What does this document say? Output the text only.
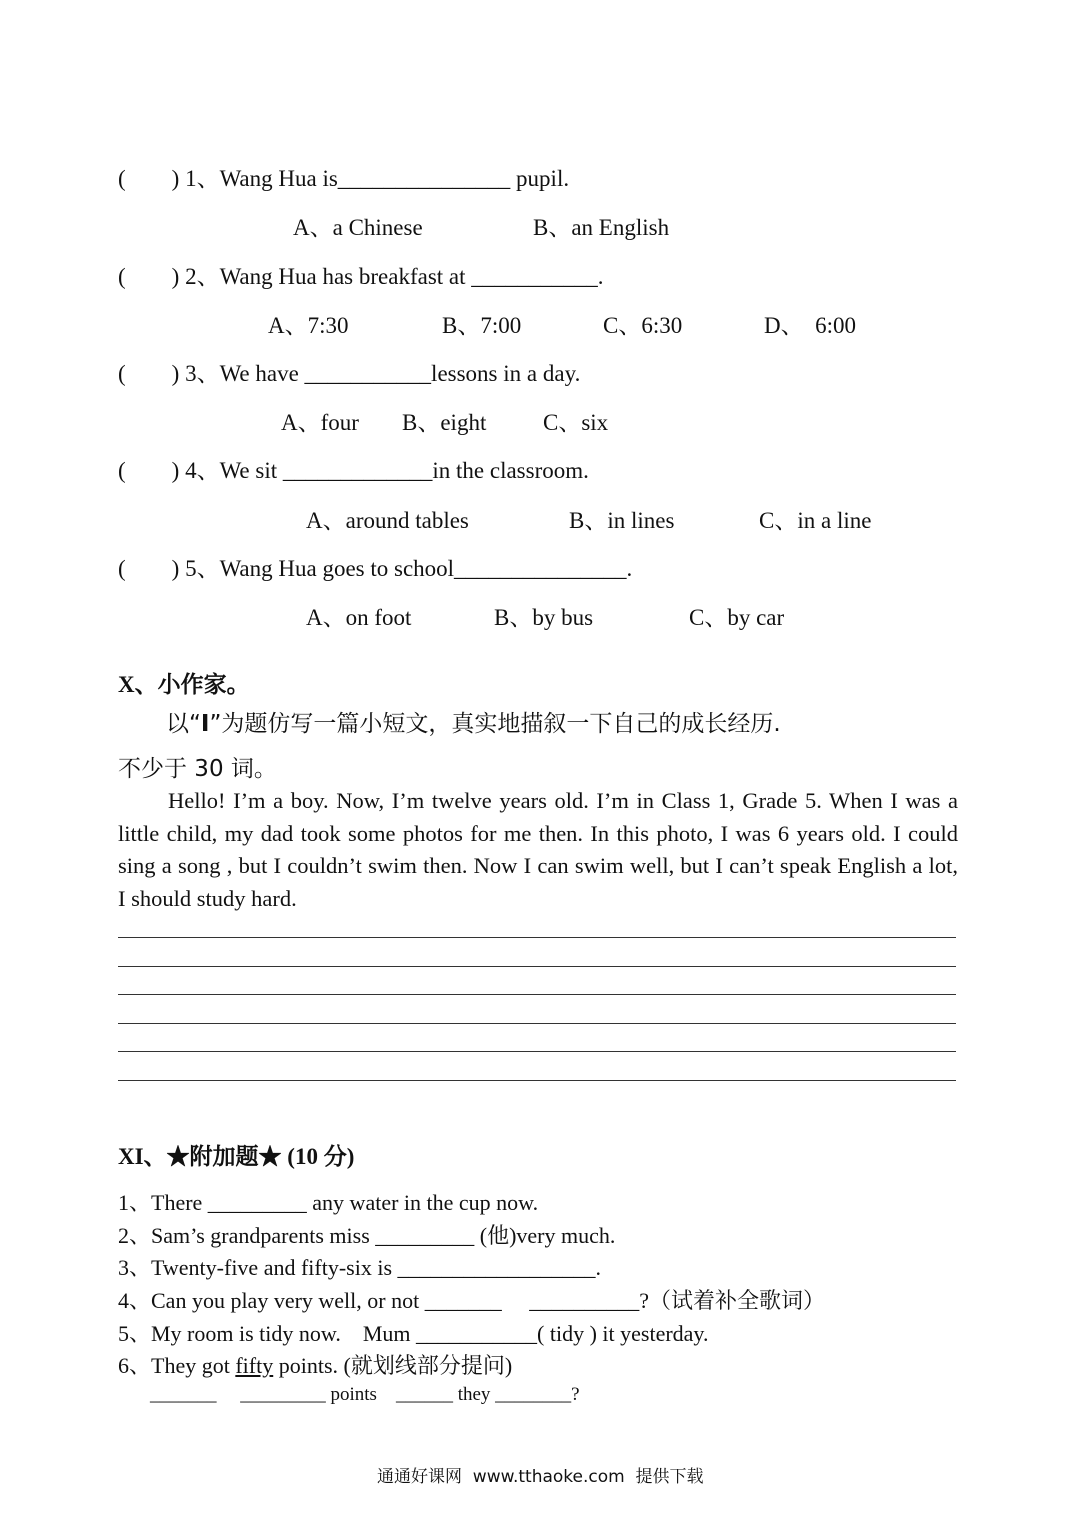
(        ) 1、Wang Hua is_______________ pupil.
A、a Chinese	B、an English
(        ) 2、Wang Hua has breakfast at ___________.
A、7:30	B、7:00	C、6:30	D、  6:00
(        ) 3、We have ___________lessons in a day.
A、four B、eight C、six
(        ) 4、We sit _____________in the classroom.
A、around tables	B、in lines	C、in a line
(        ) 5、Wang Hua goes to school_______________.
A、on foot	B、by bus	C、by car
X、小作家。
以“I”为题仿写一篇小短文，真实地描叙一下自己的成长经历.
不少于 30 词。
Hello! I’m a boy. Now, I’m twelve years old. I’m in Class 1, Grade 5. When I was a little child, my dad took some photos for me then. In this photo, I was 6 years old. I could sing a song , but I couldn’t swim then. Now I can swim well, but I can’t speak English a lot, I should study hard.
XI、★附加题★ (10 分)
1、There _________ any water in the cup now.
2、Sam’s grandparents miss _________ (他)very much.
3、Twenty-five and fifty-six is __________________.
4、Can you play very well, or not _______     __________?（试着补全歌词）
5、My room is tidy now.    Mum ___________( tidy ) it yesterday.
6、They got fifty points. (就划线部分提问)
_______     _________ points    ______ they ________?
通通好课网  www.tthaoke.com  提供下载
